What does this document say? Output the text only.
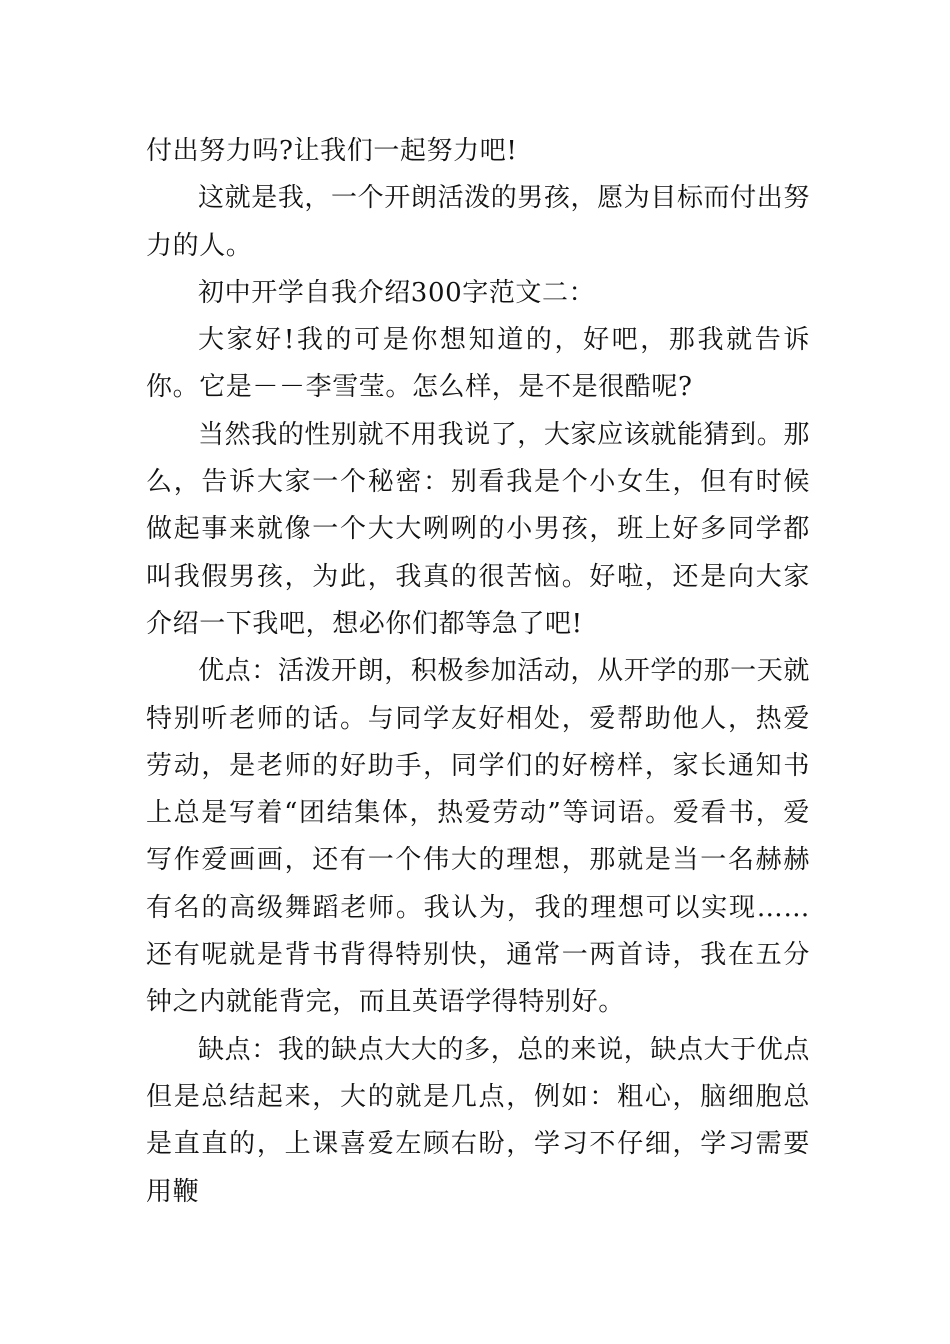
付出努力吗?让我们一起努力吧!

这就是我，一个开朗活泼的男孩，愿为目标而付出努力的人。

初中开学自我介绍300字范文二：

大家好!我的可是你想知道的，好吧，那我就告诉你。它是－－李雪莹。怎么样，是不是很酷呢?

当然我的性别就不用我说了，大家应该就能猜到。那么，告诉大家一个秘密：别看我是个小女生，但有时候做起事来就像一个大大咧咧的小男孩，班上好多同学都叫我假男孩，为此，我真的很苦恼。好啦，还是向大家介绍一下我吧，想必你们都等急了吧!

优点：活泼开朗，积极参加活动，从开学的那一天就特别听老师的话。与同学友好相处，爱帮助他人，热爱劳动，是老师的好助手，同学们的好榜样，家长通知书上总是写着“团结集体，热爱劳动”等词语。爱看书，爱写作爱画画，还有一个伟大的理想，那就是当一名赫赫有名的高级舞蹈老师。我认为，我的理想可以实现……还有呢就是背书背得特别快，通常一两首诗，我在五分钟之内就能背完，而且英语学得特别好。

缺点：我的缺点大大的多，总的来说，缺点大于优点但是总结起来，大的就是几点，例如：粗心，脑细胞总是直直的，上课喜爱左顾右盼，学习不仔细，学习需要用鞭
